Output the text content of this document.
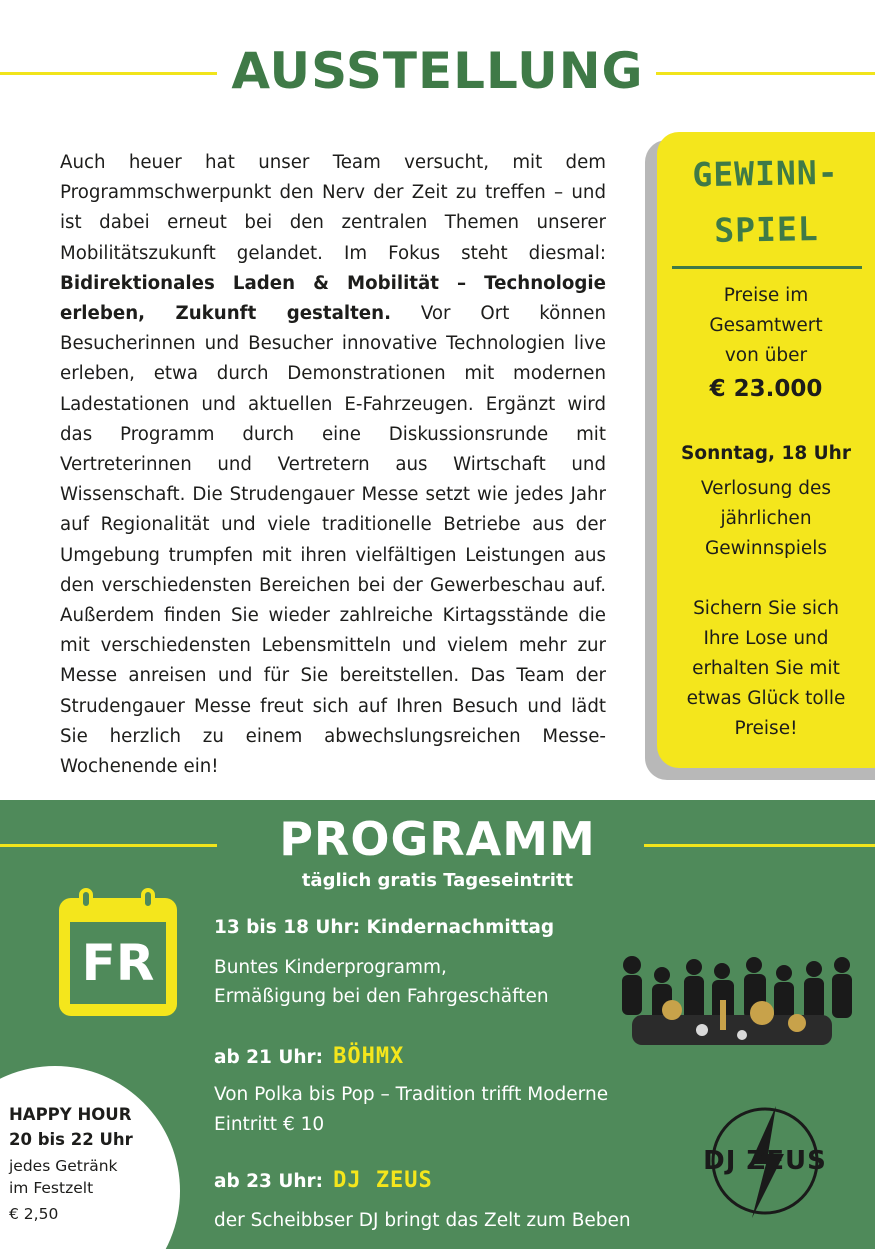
AUSSTELLUNG
Auch heuer hat unser Team versucht, mit dem Programmschwerpunkt den Nerv der Zeit zu treffen – und ist dabei erneut bei den zentralen Themen unserer Mobilitätszukunft gelandet. Im Fokus steht diesmal: Bidirektionales Laden & Mobilität – Technologie erleben, Zukunft gestalten. Vor Ort können Besucherinnen und Besucher innovative Technologien live erleben, etwa durch Demonstrationen mit modernen Ladestationen und aktuellen E-Fahrzeugen. Ergänzt wird das Programm durch eine Diskussionsrunde mit Vertreterinnen und Vertretern aus Wirtschaft und Wissenschaft. Die Strudengauer Messe setzt wie jedes Jahr auf Regionalität und viele traditionelle Betriebe aus der Umgebung trumpfen mit ihren vielfältigen Leistungen aus den verschiedensten Bereichen bei der Gewerbeschau auf. Außerdem finden Sie wieder zahlreiche Kirtagsstände die mit verschiedensten Lebensmitteln und vielem mehr zur Messe anreisen und für Sie bereitstellen. Das Team der Strudengauer Messe freut sich auf Ihren Besuch und lädt Sie herzlich zu einem abwechslungsreichen Messe-Wochenende ein!
GEWINN-
SPIEL
Preise im
Gesamtwert
von über
€ 23.000
Sonntag, 18 Uhr
Verlosung des
jährlichen
Gewinnspiels
Sichern Sie sich
Ihre Lose und
erhalten Sie mit
etwas Glück tolle
Preise!
PROGRAMM
täglich gratis Tageseintritt
FR
13 bis 18 Uhr: Kindernachmittag
Buntes Kinderprogramm,
Ermäßigung bei den Fahrgeschäften
ab 21 Uhr: BÖHMX
Von Polka bis Pop – Tradition trifft Moderne
Eintritt € 10
ab 23 Uhr: DJ ZEUS
der Scheibbser DJ bringt das Zelt zum Beben
DJ ZEUS
HAPPY HOUR
20 bis 22 Uhr
jedes Getränk
im Festzelt
€ 2,50
